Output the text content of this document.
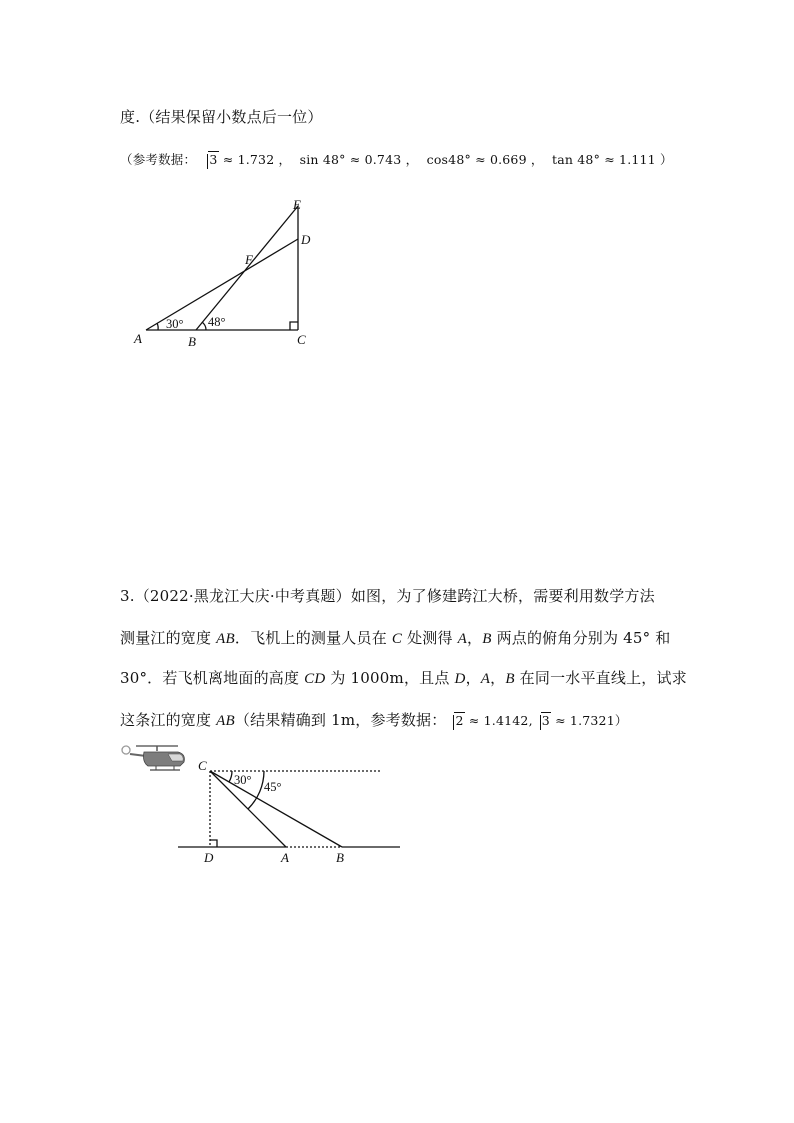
度.（结果保留小数点后一位）
（参考数据： 3 ≈ 1.732 ， sin 48° ≈ 0.743 ， cos48° ≈ 0.669 ， tan 48° ≈ 1.111 ）
A	B	C
D
E
F
30° 48°
3.（2022·黑龙江大庆·中考真题）如图，为了修建跨江大桥，需要利用数学方法
测量江的宽度 AB．飞机上的测量人员在 C 处测得 A，B 两点的俯角分别为 45° 和
30°．若飞机离地面的高度 CD 为 1000m，且点 D，A，B 在同一水平直线上，试求
这条江的宽度 AB（结果精确到 1m，参考数据： 2 ≈ 1.4142, 3 ≈ 1.7321）
C
D	A	B
30° 45°
